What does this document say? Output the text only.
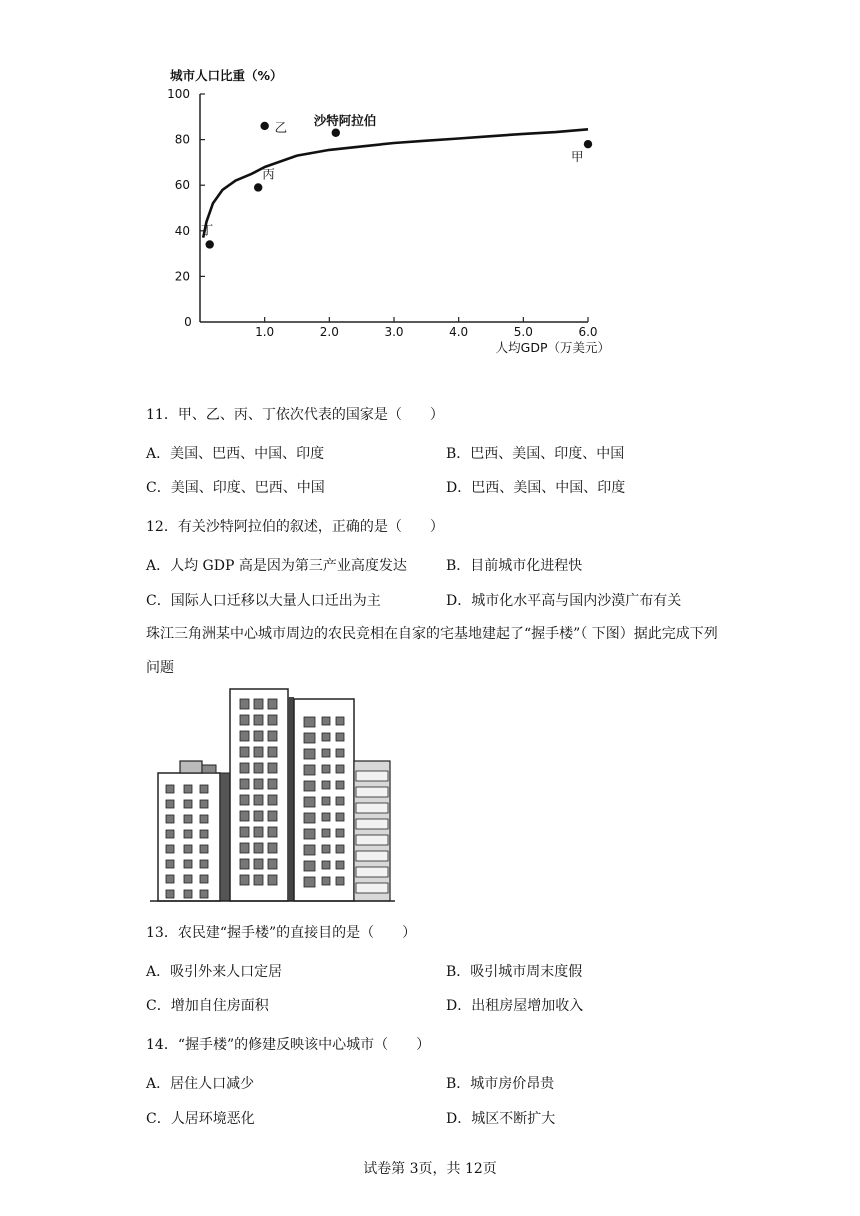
20
40
60
80
100
1.0	2.0	3.0	4.0	5.0	6.0
0
城市人口比重（%）
人均GDP（万美元）
乙 沙特阿拉伯
丙
丁
甲
11．甲、乙、丙、丁依次代表的国家是（　　）
A．美国、巴西、中国、印度	B．巴西、美国、印度、中国
C．美国、印度、巴西、中国	D．巴西、美国、中国、印度
12．有关沙特阿拉伯的叙述，正确的是（　　）
A．人均 GDP 高是因为第三产业高度发达	B．目前城市化进程快
C．国际人口迁移以大量人口迁出为主	D．城市化水平高与国内沙漠广布有关
珠江三角洲某中心城市周边的农民竞相在自家的宅基地建起了“握手楼”（ 下图）据此完成下列问题
13．农民建“握手楼”的直接目的是（　　）
A．吸引外来人口定居	B．吸引城市周末度假
C．增加自住房面积	D．出租房屋增加收入
14．“握手楼”的修建反映该中心城市（　　）
A．居住人口减少	B．城市房价昂贵
C．人居环境恶化	D．城区不断扩大
试卷第 3页，共 12页
